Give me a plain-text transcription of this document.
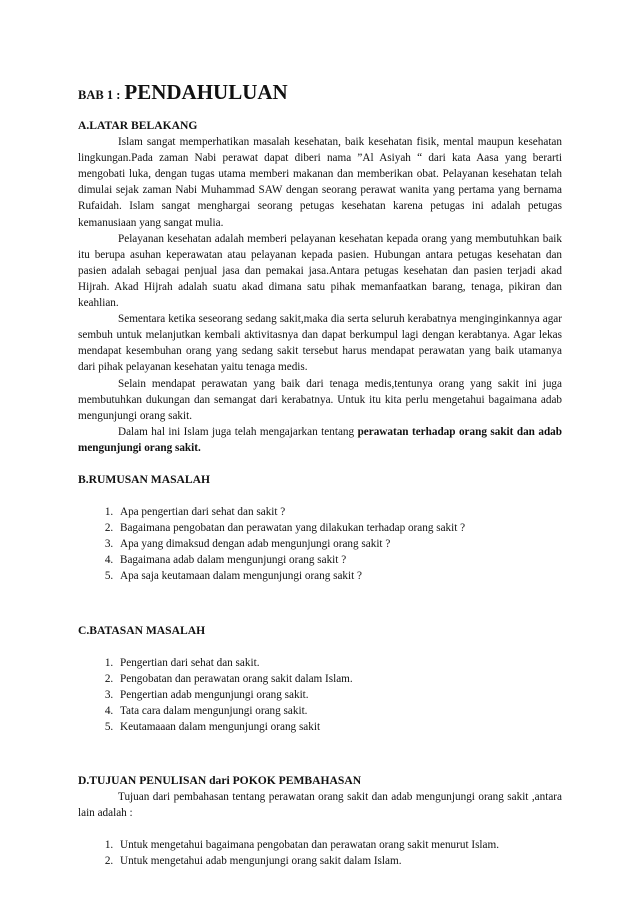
BAB 1 : PENDAHULUAN

A.LATAR BELAKANG

Islam sangat memperhatikan masalah kesehatan, baik kesehatan fisik, mental maupun kesehatan lingkungan.Pada zaman Nabi perawat dapat diberi nama ”Al Asiyah “ dari kata Aasa yang berarti mengobati luka, dengan tugas utama memberi makanan dan memberikan obat. Pelayanan kesehatan telah dimulai sejak zaman Nabi Muhammad SAW dengan seorang perawat wanita yang pertama yang bernama Rufaidah. Islam sangat menghargai seorang petugas kesehatan karena petugas ini adalah petugas kemanusiaan yang sangat mulia.

Pelayanan kesehatan adalah memberi pelayanan kesehatan kepada orang yang membutuhkan baik itu berupa asuhan keperawatan atau pelayanan kepada pasien. Hubungan antara petugas kesehatan dan pasien adalah sebagai penjual jasa dan pemakai jasa.Antara petugas kesehatan dan pasien terjadi akad Hijrah. Akad Hijrah adalah suatu akad dimana satu pihak memanfaatkan barang, tenaga, pikiran dan keahlian.

Sementara ketika seseorang sedang sakit,maka dia serta seluruh kerabatnya menginginkannya agar sembuh untuk melanjutkan kembali aktivitasnya dan dapat berkumpul lagi dengan kerabtanya. Agar lekas mendapat kesembuhan orang yang sedang sakit tersebut harus mendapat perawatan yang baik utamanya dari pihak pelayanan kesehatan yaitu tenaga medis.

Selain mendapat perawatan yang baik dari tenaga medis,tentunya orang yang sakit ini juga membutuhkan dukungan dan semangat dari kerabatnya. Untuk itu kita perlu mengetahui bagaimana adab mengunjungi orang sakit.

Dalam hal ini Islam juga telah mengajarkan tentang perawatan terhadap orang sakit dan adab mengunjungi orang sakit.

B.RUMUSAN MASALAH

1. Apa pengertian dari sehat dan sakit ?
2. Bagaimana pengobatan dan perawatan yang dilakukan terhadap orang sakit ?
3. Apa yang dimaksud dengan adab mengunjungi orang sakit ?
4. Bagaimana adab dalam mengunjungi orang sakit ?
5. Apa saja keutamaan dalam mengunjungi orang sakit ?

C.BATASAN MASALAH

1. Pengertian dari sehat dan sakit.
2. Pengobatan dan perawatan orang sakit dalam Islam.
3. Pengertian adab mengunjungi orang sakit.
4. Tata cara dalam mengunjungi orang sakit.
5. Keutamaaan dalam mengunjungi orang sakit

D.TUJUAN PENULISAN dari POKOK PEMBAHASAN

Tujuan dari pembahasan tentang perawatan orang sakit dan adab mengunjungi orang sakit ,antara lain adalah :

1. Untuk mengetahui bagaimana pengobatan dan perawatan orang sakit menurut Islam.
2. Untuk mengetahui adab mengunjungi orang sakit dalam Islam.
